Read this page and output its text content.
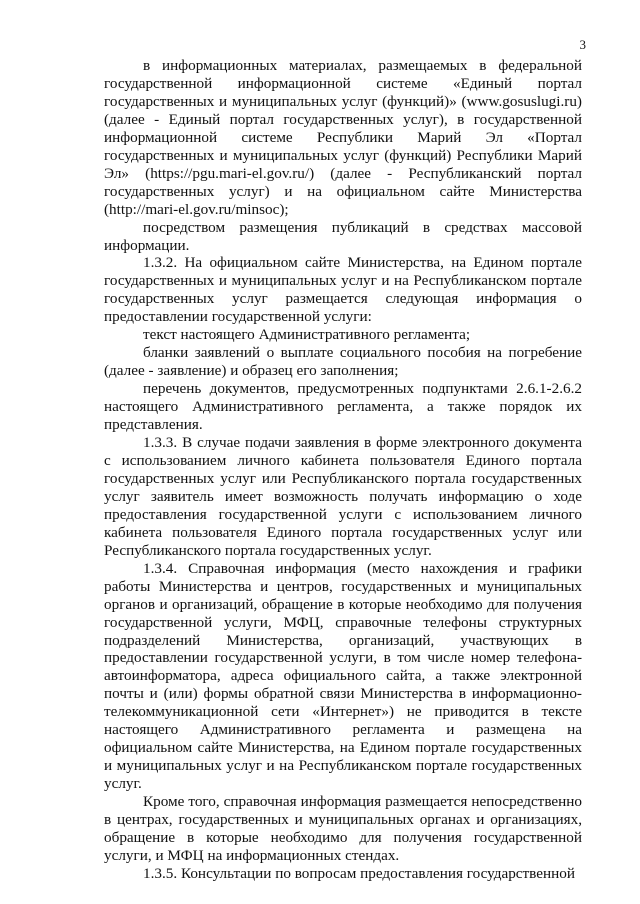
3

в информационных материалах, размещаемых в федеральной государственной информационной системе «Единый портал государственных и муниципальных услуг (функций)» (www.gosuslugi.ru) (далее - Единый портал государственных услуг), в государственной информационной системе Республики Марий Эл «Портал государственных и муниципальных услуг (функций) Республики Марий Эл» (https://pgu.mari-el.gov.ru/) (далее - Республиканский портал государственных услуг) и на официальном сайте Министерства (http://mari-el.gov.ru/minsoc);

посредством размещения публикаций в средствах массовой информации.

1.3.2. На официальном сайте Министерства, на Едином портале государственных и муниципальных услуг и на Республиканском портале государственных услуг размещается следующая информация о предоставлении государственной услуги:

текст настоящего Административного регламента;

бланки заявлений о выплате социального пособия на погребение (далее - заявление) и образец его заполнения;

перечень документов, предусмотренных подпунктами 2.6.1-2.6.2 настоящего Административного регламента, а также порядок их представления.

1.3.3. В случае подачи заявления в форме электронного документа с использованием личного кабинета пользователя Единого портала государственных услуг или Республиканского портала государственных услуг заявитель имеет возможность получать информацию о ходе предоставления государственной услуги с использованием личного кабинета пользователя Единого портала государственных услуг или Республиканского портала государственных услуг.

1.3.4. Справочная информация (место нахождения и графики работы Министерства и центров, государственных и муниципальных органов и организаций, обращение в которые необходимо для получения государственной услуги, МФЦ, справочные телефоны структурных подразделений Министерства, организаций, участвующих в предоставлении государственной услуги, в том числе номер телефона-автоинформатора, адреса официального сайта, а также электронной почты и (или) формы обратной связи Министерства в информационно-телекоммуникационной сети «Интернет») не приводится в тексте настоящего Административного регламента и размещена на официальном сайте Министерства, на Едином портале государственных и муниципальных услуг и на Республиканском портале государственных услуг.

Кроме того, справочная информация размещается непосредственно в центрах, государственных и муниципальных органах и организациях, обращение в которые необходимо для получения государственной услуги, и МФЦ на информационных стендах.

1.3.5. Консультации по вопросам предоставления государственной
